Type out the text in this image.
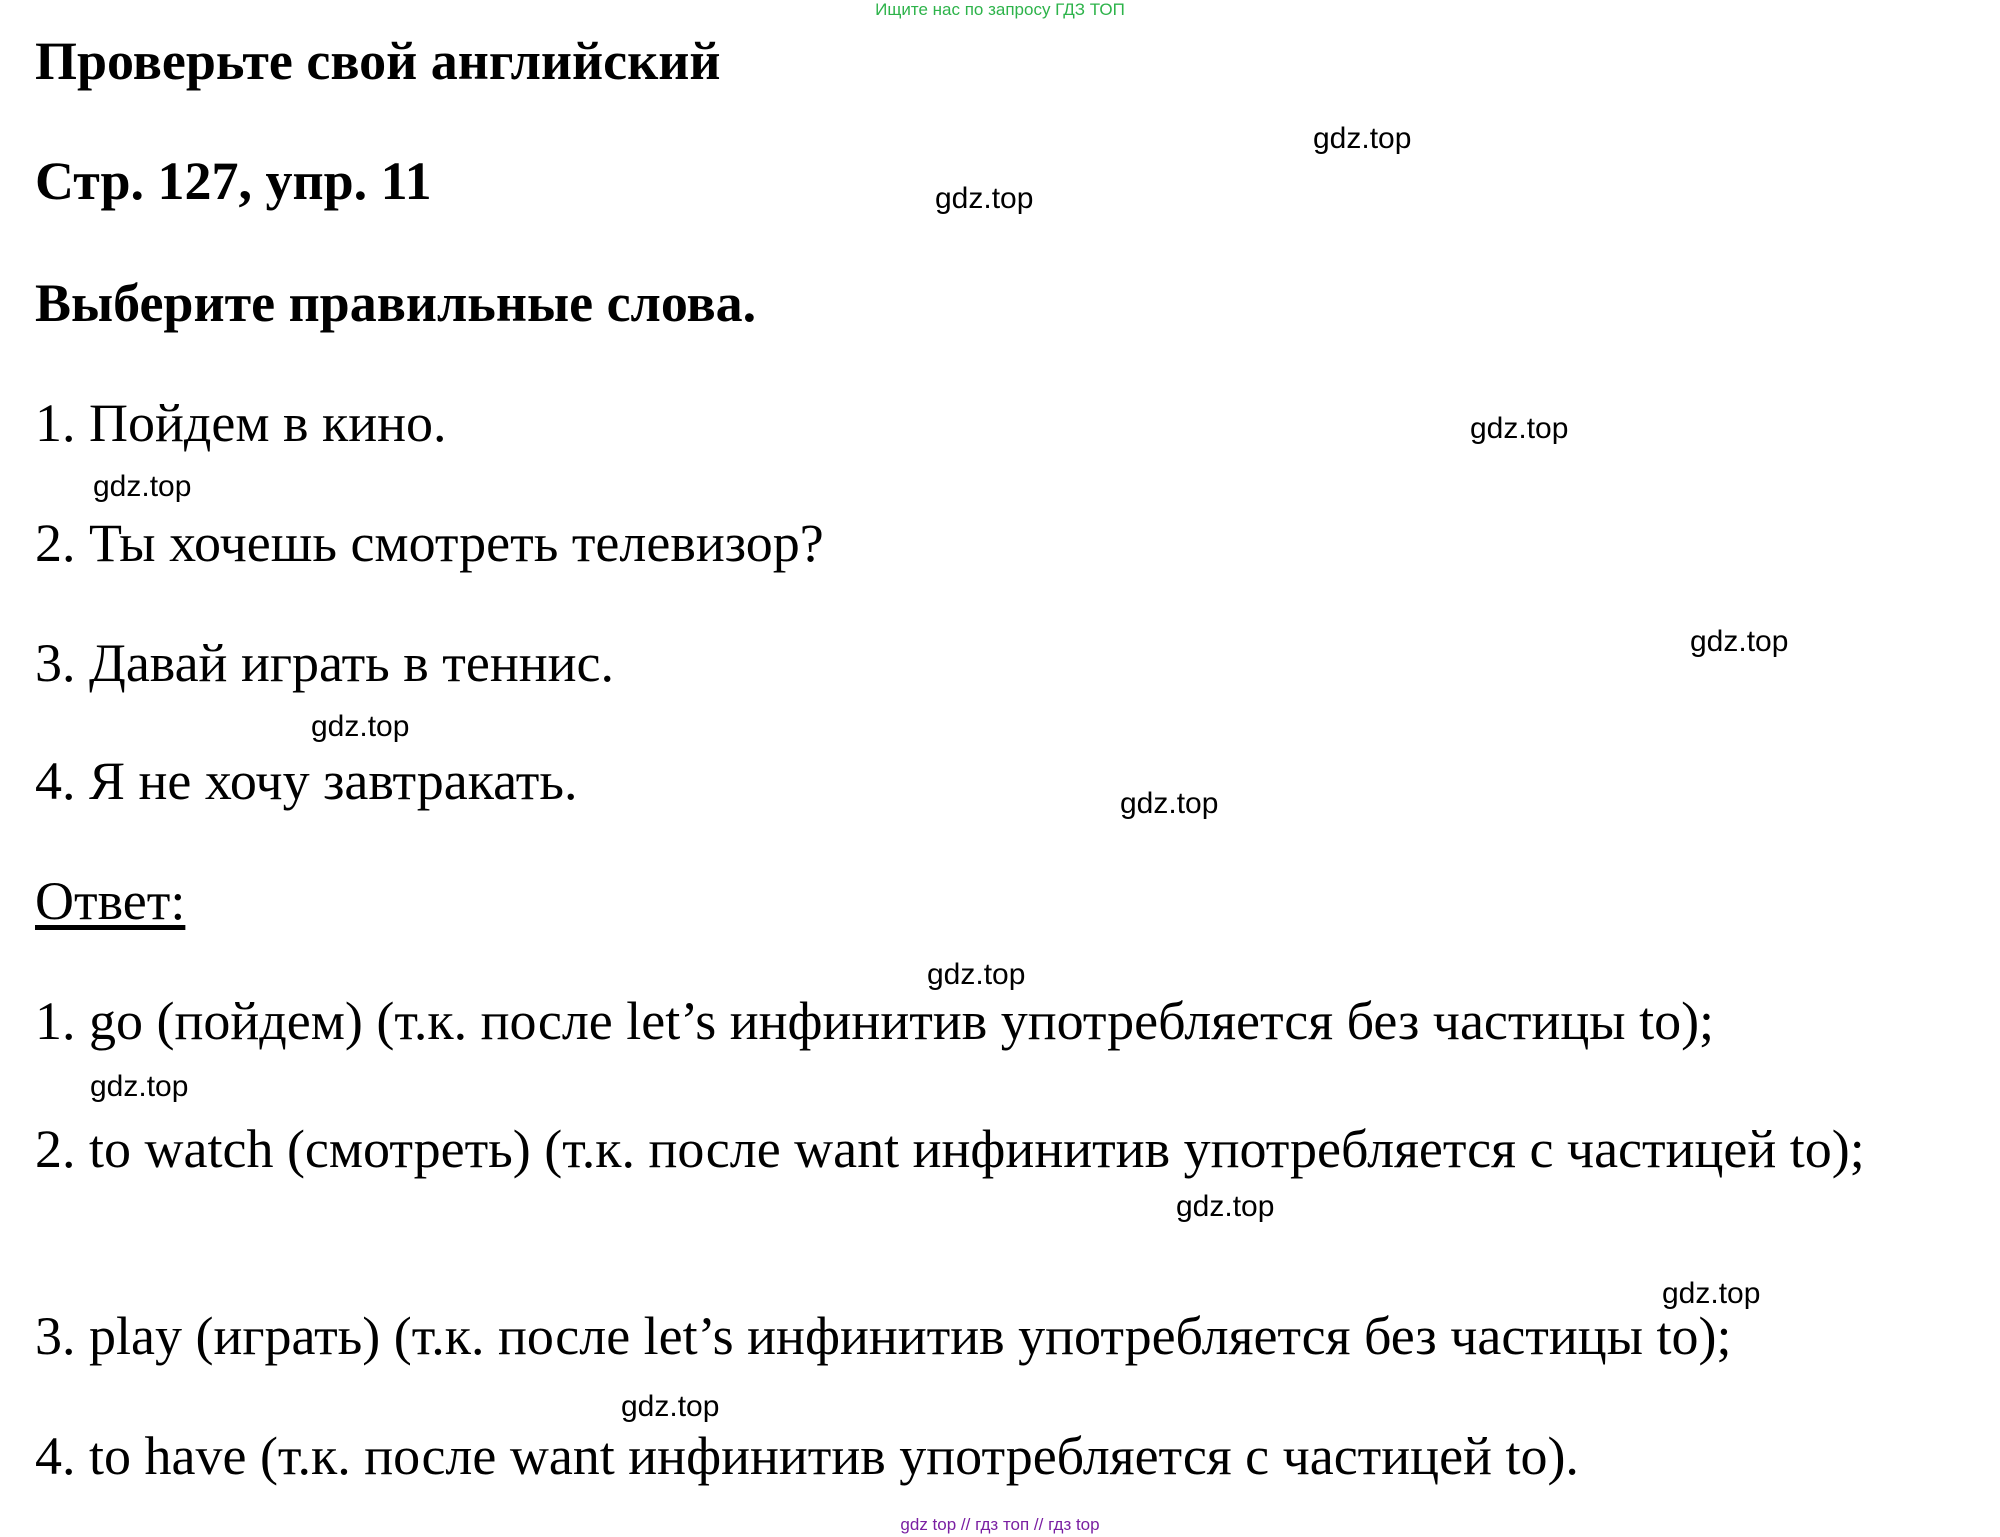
Ищите нас по запросу ГДЗ ТОП
Проверьте свой английский
Стр. 127, упр. 11
Выберите правильные слова.
1. Пойдем в кино.
2. Ты хочешь смотреть телевизор?
3. Давай играть в теннис.
4. Я не хочу завтракать.
Ответ:
1. go (пойдем) (т.к. после let’s инфинитив употребляется без частицы to);
2. to watch (смотреть) (т.к. после want инфинитив употребляется с частицей to);
3. play (играть) (т.к. после let’s инфинитив употребляется без частицы to);
4. to have (т.к. после want инфинитив употребляется с частицей to).
gdz.top
gdz.top
gdz.top
gdz.top
gdz.top
gdz.top
gdz.top
gdz.top
gdz.top
gdz.top
gdz.top
gdz.top
gdz top // гдз топ // гдз top
